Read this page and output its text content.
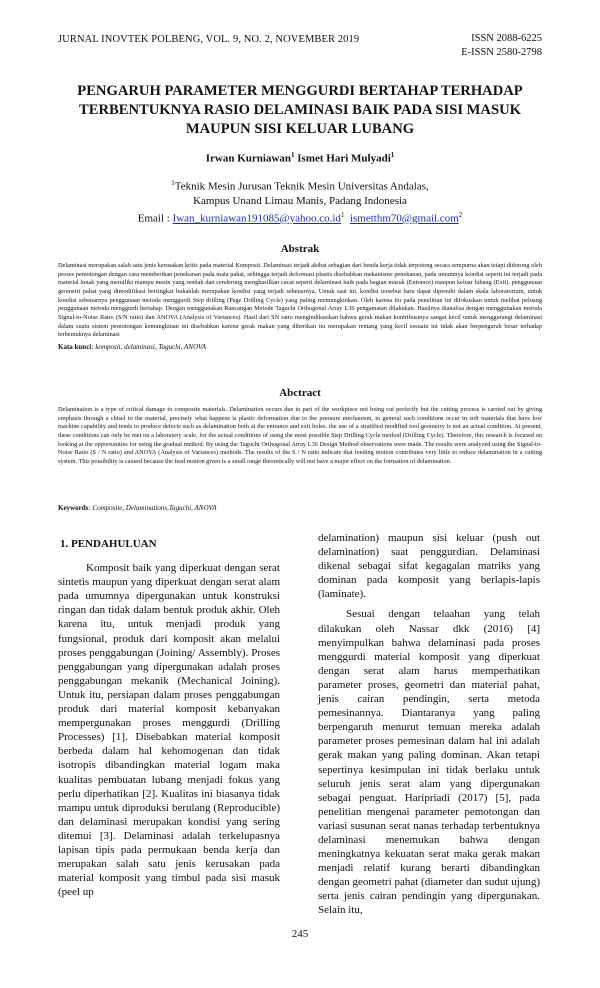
JURNAL INOVTEK POLBENG, VOL. 9, NO. 2, NOVEMBER 2019	ISSN 2088-6225
E-ISSN 2580-2798
PENGARUH PARAMETER MENGGURDI BERTAHAP TERHADAP TERBENTUKNYA RASIO DELAMINASI BAIK PADA SISI MASUK MAUPUN SISI KELUAR LUBANG
Irwan Kurniawan$^1$ Ismet Hari Mulyadi$^1$
$^1$Teknik Mesin Jurusan Teknik Mesin Universitas Andalas,
Kampus Unand Limau Manis, Padang Indonesia
Email : $Iwan\_kurniawan191085@yahoo.co.id^1$ ismetthm70@gmail.com$^2$
Abstrak
Delaminasi merupakan salah satu jenis kerusakan kritis pada material Komposit. Delaminasi terjadi akibat sebagian dari benda kerja tidak terpotong secara sempurna akan tetapi didorong oleh proses pemotongan dengan cara memberikan penekanan pada mata pahat, sehingga terjadi deformasi plastis disebabkan mekanisme penekanan, pada umumnya kondisi seperti ini terjadi pada material lunak yang memiliki mampu mesin yang rendah dan cenderung menghasilkan cacat seperti delaminasi baik pada bagian masuk (Entrance) maupun keluar lubang (Exit). penggunaan geometri pahat yang dimodifikasi bertingkat bukanlah merupakan kondisi yang terjadi sebenarnya. Untuk saat ini, kondisi tersebut baru dapat dipenuhi dalam skala laboratorium, untuk kondisi sebenarnya penggunaan metoda menggurdi Step drilling (Page Drilling Cycle) yang paling memungkinkan. Oleh karena itu pada penelitian ini difokuskan untuk melihat peluang penggunaan metoda menggurdi bertahap. Dengan menggunakan Rancangan Metode Taguchi Orthogonal Array L36 pengamatan dilakukan. Hasilnya dianalisa dengan menggunakan metoda Signal-to-Noise Ratio (S/N ratio) dan ANOVA (Analysis of Variances). Hasil dari SN ratio mengindikasikan bahwa gerak makan kontribusinya sangat kecil untuk menggurangi delaminasi dalam suatu sistem pemotongan kemungkinan ini disebabkan karena gerak makan yang diberikan itu merupakan rentang yang kecil sesuatu ini tidak akan berpengaruh besar terhadap terbentuknya delaminasi
Kata kunci: komposit, delaminasi, Taguchi, ANOVA
Abctract
Delamination is a type of critical damage to composite materials. Delamination occurs due to part of the workpiece not being cut perfectly but the cutting process is carried out by giving emphasis through a chisel to the material, precisely what happens is plastic deformation due to the pressure mechanism, in general such conditions occur in soft materials that have low machine capability and tends to produce defects such as delamination both at the entrance and exit holes. the use of a stratified modified tool geometry is not an actual condition. At present, these conditions can only be met on a laboratory scale, for the actual conditions of using the most possible Step Drilling Cycle method (Drilling Cycle). Therefore, this research is focused on looking at the opportunities for using the gradual method. By using the Taguchi Orthogonal Array L36 Design Method observations were made. The results were analyzed using the Signal-to-Noise Ratio (S / N ratio) and ANOVA (Analysis of Variances) methods. The results of the S / N ratio indicate that feeding motion contributes very little to reduce delamination in a cutting system. This possibility is caused because the feed motion given is a small range theoretically will not have a major effect on the formation of delamination.
Keywords: Composite, Delaminations,Taguchi, ANOVA
1. PENDAHULUAN

Komposit baik yang diperkuat dengan serat sintetis maupun yang diperkuat dengan serat alam pada umumnya dipergunakan untuk konstruksi ringan dan tidak dalam bentuk produk akhir. Oleh karena itu, untuk menjadi produk yang fungsional, produk dari komposit akan melalui proses penggabungan (Joining/ Assembly). Proses penggabungan yang dipergunakan adalah proses penggabungan mekanik (Mechanical Joining). Untuk itu, persiapan dalam proses penggabungan produk dari material komposit kebanyakan mempergunakan proses menggurdi (Drilling Processes) [1]. Disebabkan material komposit berbeda dalam hal kehomogenan dan tidak isotropis dibandingkan material logam maka kualitas pembuatan lubang menjadi fokus yang perlu diperhatikan [2]. Kualitas ini biasanya tidak mampu untuk diproduksi berulang (Reproducible) dan delaminasi merupakan kondisi yang sering ditemui [3]. Delaminasi adalah terkelupasnya lapisan tipis pada permukaan benda kerja dan merupakan salah satu jenis kerusakan pada material komposit yang timbul pada sisi masuk (peel up

delamination) maupun sisi keluar (push out delamination) saat penggurdian. Delaminasi dikenal sebagai sifat kegagalan matriks yang dominan pada komposit yang berlapis-lapis (laminate).

Sesuai dengan telaahan yang telah dilakukan oleh Nassar dkk (2016) [4] menyimpulkan bahwa delaminasi pada proses menggurdi material komposit yang diperkuat dengan serat alam harus memperhatikan parameter proses, geometri dan material pahat, jenis cairan pendingin, serta metoda pemesinannya. Diantaranya yang paling berpengaruh menurut temuan mereka adalah parameter proses pemesinan dalam hal ini adalah gerak makan yang paling dominan. Akan tetapi sepertinya kesimpulan ini tidak berlaku untuk seluruh jenis serat alam yang dipergunakan sebagai penguat. Haripriadi (2017) [5], pada penelitian mengenai parameter pemotongan dan variasi susunan serat nanas terhadap terbentuknya delaminasi menemukan bahwa dengan meningkatnya kekuatan serat maka gerak makan menjadi relatif kurang berarti dibandingkan dengan geometri pahat (diameter dan sudut ujung) serta jenis cairan pendingin yang dipergunakan. Selain itu,

245
